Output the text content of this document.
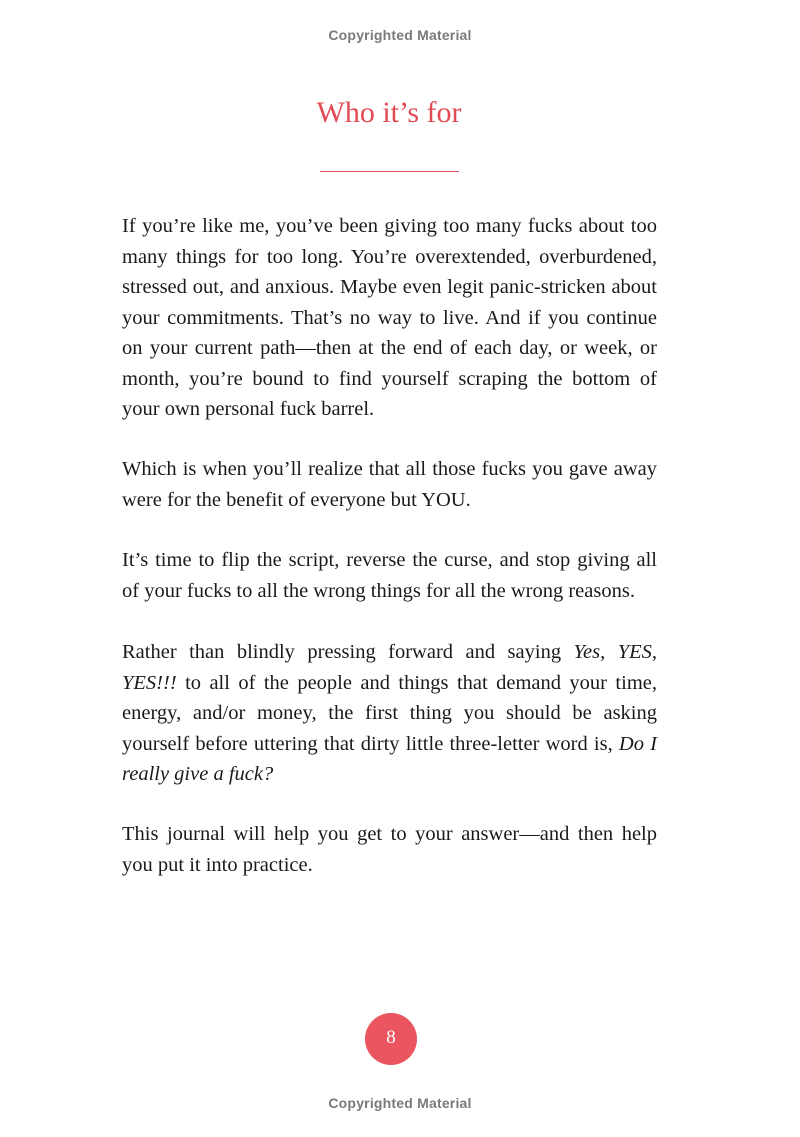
Copyrighted Material
Who it’s for

If you’re like me, you’ve been giving too many fucks about too many things for too long. You’re overextended, overburdened, stressed out, and anxious. Maybe even legit panic-stricken about your commitments. That’s no way to live. And if you continue on your current path—then at the end of each day, or week, or month, you’re bound to find yourself scraping the bottom of your own personal fuck barrel.

Which is when you’ll realize that all those fucks you gave away were for the benefit of everyone but YOU.

It’s time to flip the script, reverse the curse, and stop giving all of your fucks to all the wrong things for all the wrong reasons.

Rather than blindly pressing forward and saying Yes, YES, YES!!! to all of the people and things that demand your time, energy, and/or money, the first thing you should be asking yourself before uttering that dirty little three-letter word is, Do I really give a fuck?

This journal will help you get to your answer—and then help you put it into practice.

8
Copyrighted Material
